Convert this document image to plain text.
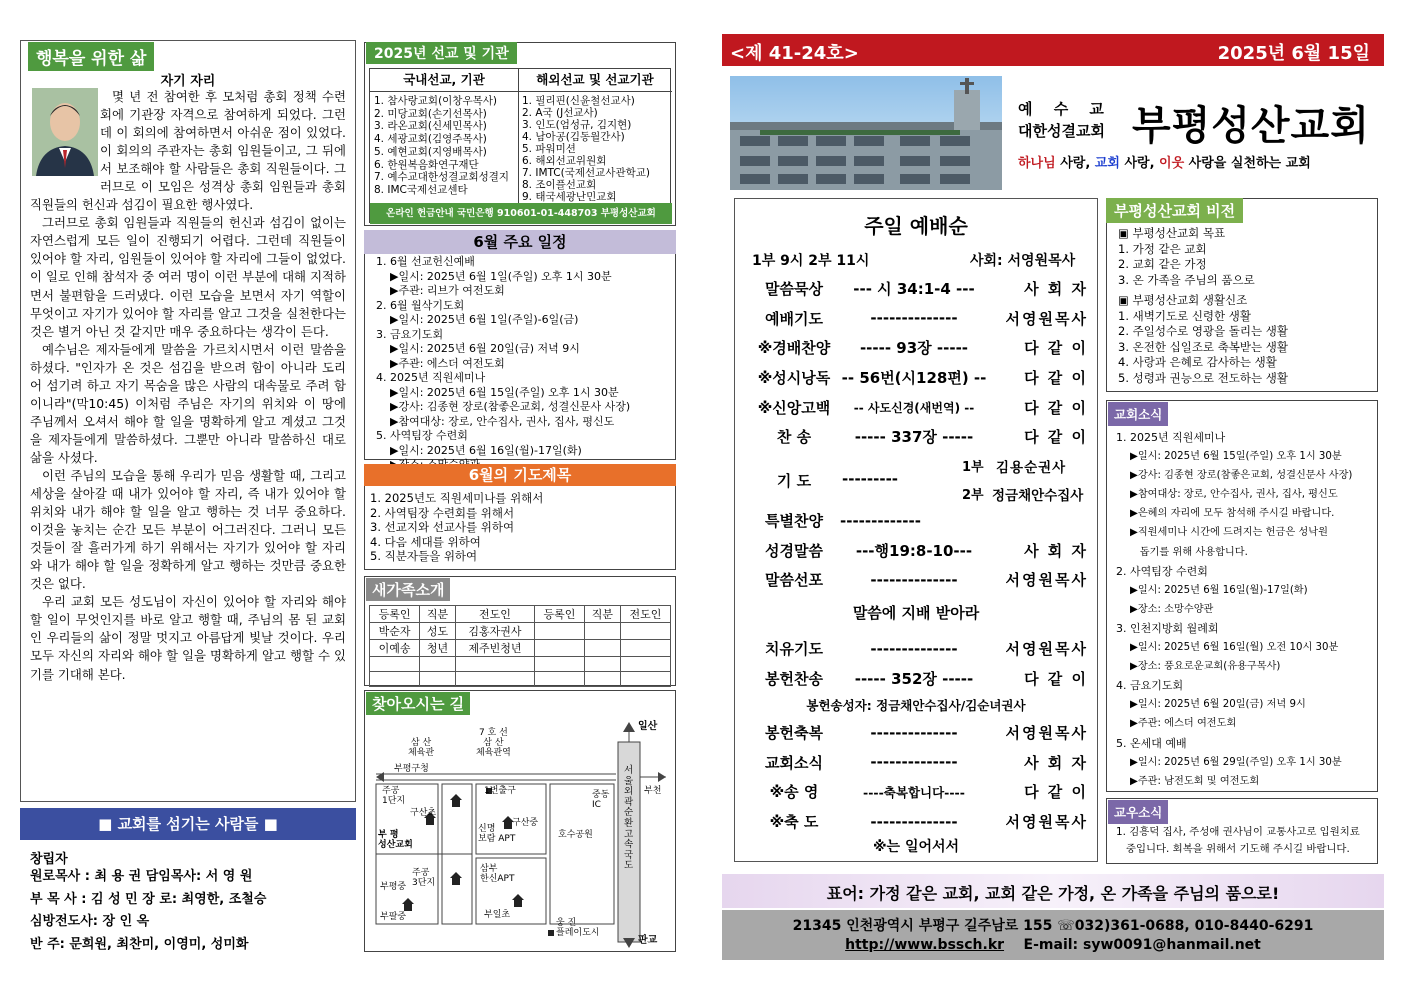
행복을 위한 삶
자기 자리

몇 년 전 참여한 후 모처럼 총회 정책 수련회에 기관장 자격으로 참여하게 되었다. 그런데 이 회의에 참여하면서 아쉬운 점이 있었다. 이 회의의 주관자는 총회 임원들이고, 그 뒤에서 보조해야 할 사람들은 총회 직원들이다. 그러므로 이 모임은 성격상 총회 임원들과 총회 직원들의 헌신과 섬김이 필요한 행사였다.

그러므로 총회 임원들과 직원들의 헌신과 섬김이 없이는 자연스럽게 모든 일이 진행되기 어렵다. 그런데 직원들이 있어야 할 자리, 임원들이 있어야 할 자리에 그들이 없었다. 이 일로 인해 참석자 중 여러 명이 이런 부분에 대해 지적하면서 불편함을 드러냈다. 이런 모습을 보면서 자기 역할이 무엇이고 자기가 있어야 할 자리를 알고 그것을 실천한다는 것은 별거 아닌 것 같지만 매우 중요하다는 생각이 든다.

예수님은 제자들에게 말씀을 가르치시면서 이런 말씀을 하셨다. "인자가 온 것은 섬김을 받으려 함이 아니라 도리어 섬기려 하고 자기 목숨을 많은 사람의 대속물로 주려 함이니라"(막10:45) 이처럼 주님은 자기의 위치와 이 땅에 주님께서 오셔서 해야 할 일을 명확하게 알고 계셨고 그것을 제자들에게 말씀하셨다. 그뿐만 아니라 말씀하신 대로 삶을 사셨다.

이런 주님의 모습을 통해 우리가 믿음 생활할 때, 그리고 세상을 살아갈 때 내가 있어야 할 자리, 즉 내가 있어야 할 위치와 내가 해야 할 일을 알고 행하는 것 너무 중요하다. 이것을 놓치는 순간 모든 부분이 어그러진다. 그러니 모든 것들이 잘 흘러가게 하기 위해서는 자기가 있어야 할 자리와 내가 해야 할 일을 정확하게 알고 행하는 것만큼 중요한 것은 없다.

우리 교회 모든 성도님이 자신이 있어야 할 자리와 해야 할 일이 무엇인지를 바로 알고 행할 때, 주님의 몸 된 교회인 우리들의 삶이 정말 멋지고 아름답게 빛날 것이다. 우리 모두 자신의 자리와 해야 할 일을 명확하게 알고 행할 수 있기를 기대해 본다.

■ 교회를 섬기는 사람들 ■
창립자
원로목사 : 최 용 권 담임목사: 서 영 원
부 목 사 : 김 성 민 장 로: 최영한, 조철승
심방전도사: 장 인 옥
반 주: 문희원, 최찬미, 이영미, 성미화
2025년 선교 및 기관
국내선교, 기관	해외선교 및 선교기관
1. 참사랑교회(이창우목사)
2. 미당교회(손기선목사)
3. 라온교회(신세민목사)
4. 세광교회(김영주목사)
5. 예현교회(지영배목사)
6. 한원복음화연구재단
7. 예수교대한성결교회성결지
8. IMC국제선교센타
1. 필리핀(신윤철선교사)
2. A국 (J선교사)
3. 인도(엄성규, 김지현)
4. 남아공(김동월간사)
5. 파워미션
6. 해외선교위원회
7. IMTC(국제선교사관학교)
8. 조이플선교회
9. 태국세광난민교회
온라인 헌금안내 국민은행 910601-01-448703 부평성산교회
6월 주요 일정
1. 6월 선교헌신예배
▶일시: 2025년 6월 1일(주일) 오후 1시 30분
▶주관: 리브가 여전도회
2. 6월 월삭기도회
▶일시: 2025년 6월 1일(주일)-6일(금)
3. 금요기도회
▶일시: 2025년 6월 20일(금) 저녁 9시
▶주관: 에스더 여전도회
4. 2025년 직원세미나
▶일시: 2025년 6월 15일(주일) 오후 1시 30분
▶강사: 김종현 장로(참좋은교회, 성결신문사 사장)
▶참여대상: 장로, 안수집사, 권사, 집사, 평신도
5. 사역팀장 수련회
▶일시: 2025년 6월 16일(월)-17일(화)
6월의 기도제목
1. 2025년도 직원세미나를 위해서
2. 사역팀장 수련회를 위해서
3. 선교지와 선교사를 위하여
4. 다음 세대를 위하여
5. 직분자들을 위하여
새가족소개
등록인	직분	전도인	등록인	직분	전도인
박순자	성도	김홍자권사			
이예송	청년	제주빈청년			

찾아오시는 길
일산
판교
삼 산
체육관
7 호 선
삼 산
체육관역
부평구청
부천
주공
1단지
구산초
1번출구
구산중
중동
IC
호수공원
부 평
성산교회
신명
보람 APT
주공
3단지
부평중
삼부
한신APT
부팔중	부일초
서울외곽순환고속국도
웅 진
플레이도시
<제 41-24호>	2025년 6월 15일
예 수 교
대한성결교회 부평성산교회
하나님 사랑, 교회 사랑, 이웃 사랑을 실천하는 교회
주일 예배순
1부 9시 2부 11시	사회: 서영원목사
말씀묵상	--- 시 34:1-4 ---	사 회 자
예배기도	--------------	서영원목사
※경배찬양	----- 93장 -----	다 같 이
※성시낭독 -- 56번(시128편) --	다 같 이
※신앙고백	-- 사도신경(새번역) --	다 같 이
찬 송	----- 337장 -----	다 같 이
기 도	---------
1부 김용순권사
2부 정금채안수집사
특별찬양	-------------
성경말씀	---행19:8-10---	사 회 자
말씀선포	--------------	서영원목사
말씀에 지배 받아라
치유기도	--------------	서영원목사
봉헌찬송	----- 352장 -----	다 같 이
봉헌송성자: 정금채안수집사/김순녀권사
봉헌축복	--------------	서영원목사
교회소식	--------------	사 회 자
※송 영	----축복합니다----	다 같 이
※축 도	--------------	서영원목사
※는 일어서서
부평성산교회 비전
▣ 부평성산교회 목표
1. 가정 같은 교회
2. 교회 같은 가정
3. 온 가족을 주님의 품으로
▣ 부평성산교회 생활신조
1. 새벽기도로 신령한 생활
2. 주일성수로 영광을 돌리는 생활
3. 온전한 십일조로 축복받는 생활
4. 사랑과 은혜로 감사하는 생활
5. 성령과 권능으로 전도하는 생활
교회소식
1. 2025년 직원세미나
▶일시: 2025년 6월 15일(주일) 오후 1시 30분
▶강사: 김종현 장로(참좋은교회, 성결신문사 사장)
▶참여대상: 장로, 안수집사, 권사, 집사, 평신도
▶은혜의 자리에 모두 참석해 주시길 바랍니다.
▶직원세미나 시간에 드려지는 헌금은 성낙원
돕기를 위해 사용합니다.
2. 사역팀장 수련회
▶일시: 2025년 6월 16일(월)-17일(화)
▶장소: 소망수양관
3. 인천지방회 월례회
▶일시: 2025년 6월 16일(월) 오전 10시 30분
▶장소: 풍요로운교회(유용구목사)
4. 금요기도회
▶일시: 2025년 6월 20일(금) 저녁 9시
▶주관: 에스더 여전도회
5. 온세대 예배
▶일시: 2025년 6월 29일(주일) 오후 1시 30분
▶주관: 남전도회 및 여전도회
교우소식
1. 김흥덕 집사, 주성애 권사님이 교통사고로 입원치료
중입니다. 회복을 위해서 기도해 주시길 바랍니다.
표어: 가정 같은 교회, 교회 같은 가정, 온 가족을 주님의 품으로!
21345 인천광역시 부평구 길주남로 155 ☏032)361-0688, 010-8440-6291
http://www.bssch.kr E-mail: syw0091@hanmail.net
